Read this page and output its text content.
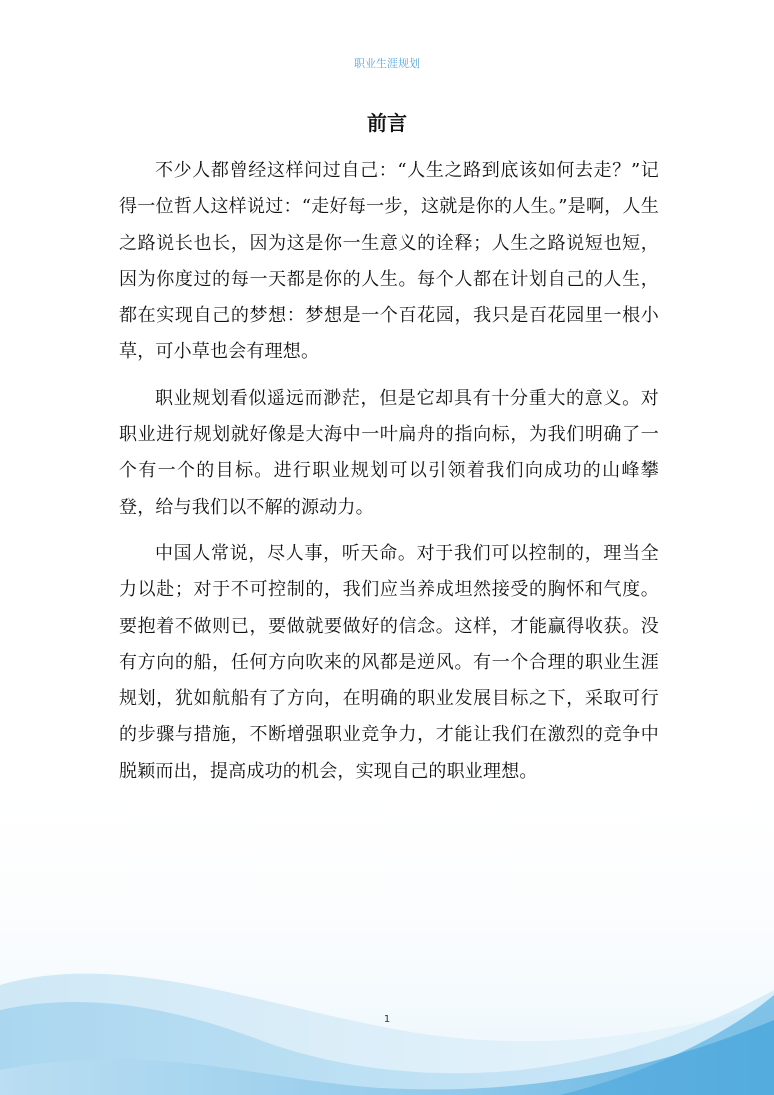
职业生涯规划
前言

不少人都曾经这样问过自己：“人生之路到底该如何去走？”记得一位哲人这样说过：“走好每一步，这就是你的人生。”是啊，人生之路说长也长，因为这是你一生意义的诠释；人生之路说短也短，因为你度过的每一天都是你的人生。每个人都在计划自己的人生，都在实现自己的梦想：梦想是一个百花园，我只是百花园里一根小草，可小草也会有理想。

职业规划看似遥远而渺茫，但是它却具有十分重大的意义。对职业进行规划就好像是大海中一叶扁舟的指向标，为我们明确了一个有一个的目标。进行职业规划可以引领着我们向成功的山峰攀登，给与我们以不解的源动力。

中国人常说，尽人事，听天命。对于我们可以控制的，理当全力以赴；对于不可控制的，我们应当养成坦然接受的胸怀和气度。要抱着不做则已，要做就要做好的信念。这样，才能赢得收获。没有方向的船，任何方向吹来的风都是逆风。有一个合理的职业生涯规划，犹如航船有了方向，在明确的职业发展目标之下，采取可行的步骤与措施，不断增强职业竞争力，才能让我们在激烈的竞争中脱颖而出，提高成功的机会，实现自己的职业理想。

1
